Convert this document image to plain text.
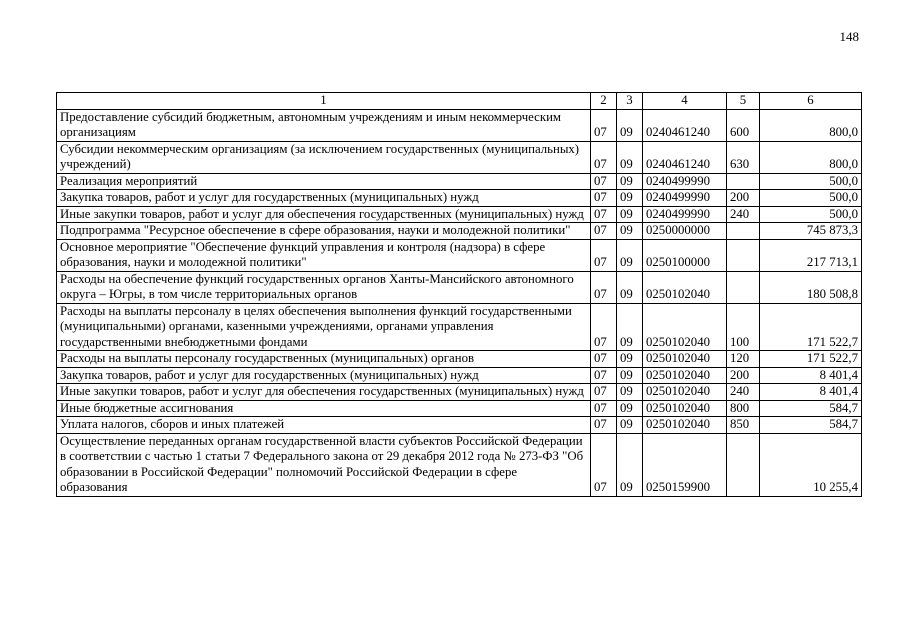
148
1	2	3	4	5	6
Предоставление субсидий бюджетным, автономным учреждениям и иным некоммерческим организациям	07	09	0240461240	600	800,0
Субсидии некоммерческим организациям (за исключением государственных (муниципальных) учреждений)	07	09	0240461240	630	800,0
Реализация мероприятий	07	09	0240499990		500,0
Закупка товаров, работ и услуг для государственных (муниципальных) нужд	07	09	0240499990	200	500,0
Иные закупки товаров, работ и услуг для обеспечения государственных (муниципальных) нужд	07	09	0240499990	240	500,0
Подпрограмма "Ресурсное обеспечение в сфере образования, науки и молодежной политики"	07	09	0250000000		745 873,3
Основное мероприятие "Обеспечение функций управления и контроля (надзора) в сфере образования, науки и молодежной политики"	07	09	0250100000		217 713,1
Расходы на обеспечение функций государственных органов Ханты-Мансийского автономного округа – Югры, в том числе территориальных органов	07	09	0250102040		180 508,8
Расходы на выплаты персоналу в целях обеспечения выполнения функций государственными (муниципальными) органами, казенными учреждениями, органами управления государственными внебюджетными фондами	07	09	0250102040	100	171 522,7
Расходы на выплаты персоналу государственных (муниципальных) органов	07	09	0250102040	120	171 522,7
Закупка товаров, работ и услуг для государственных (муниципальных) нужд	07	09	0250102040	200	8 401,4
Иные закупки товаров, работ и услуг для обеспечения государственных (муниципальных) нужд	07	09	0250102040	240	8 401,4
Иные бюджетные ассигнования	07	09	0250102040	800	584,7
Уплата налогов, сборов и иных платежей	07	09	0250102040	850	584,7
Осуществление переданных органам государственной власти субъектов Российской Федерации в соответствии с частью 1 статьи 7 Федерального закона от 29 декабря 2012 года № 273-ФЗ "Об образовании в Российской Федерации" полномочий Российской Федерации в сфере образования	07	09	0250159900		10 255,4
